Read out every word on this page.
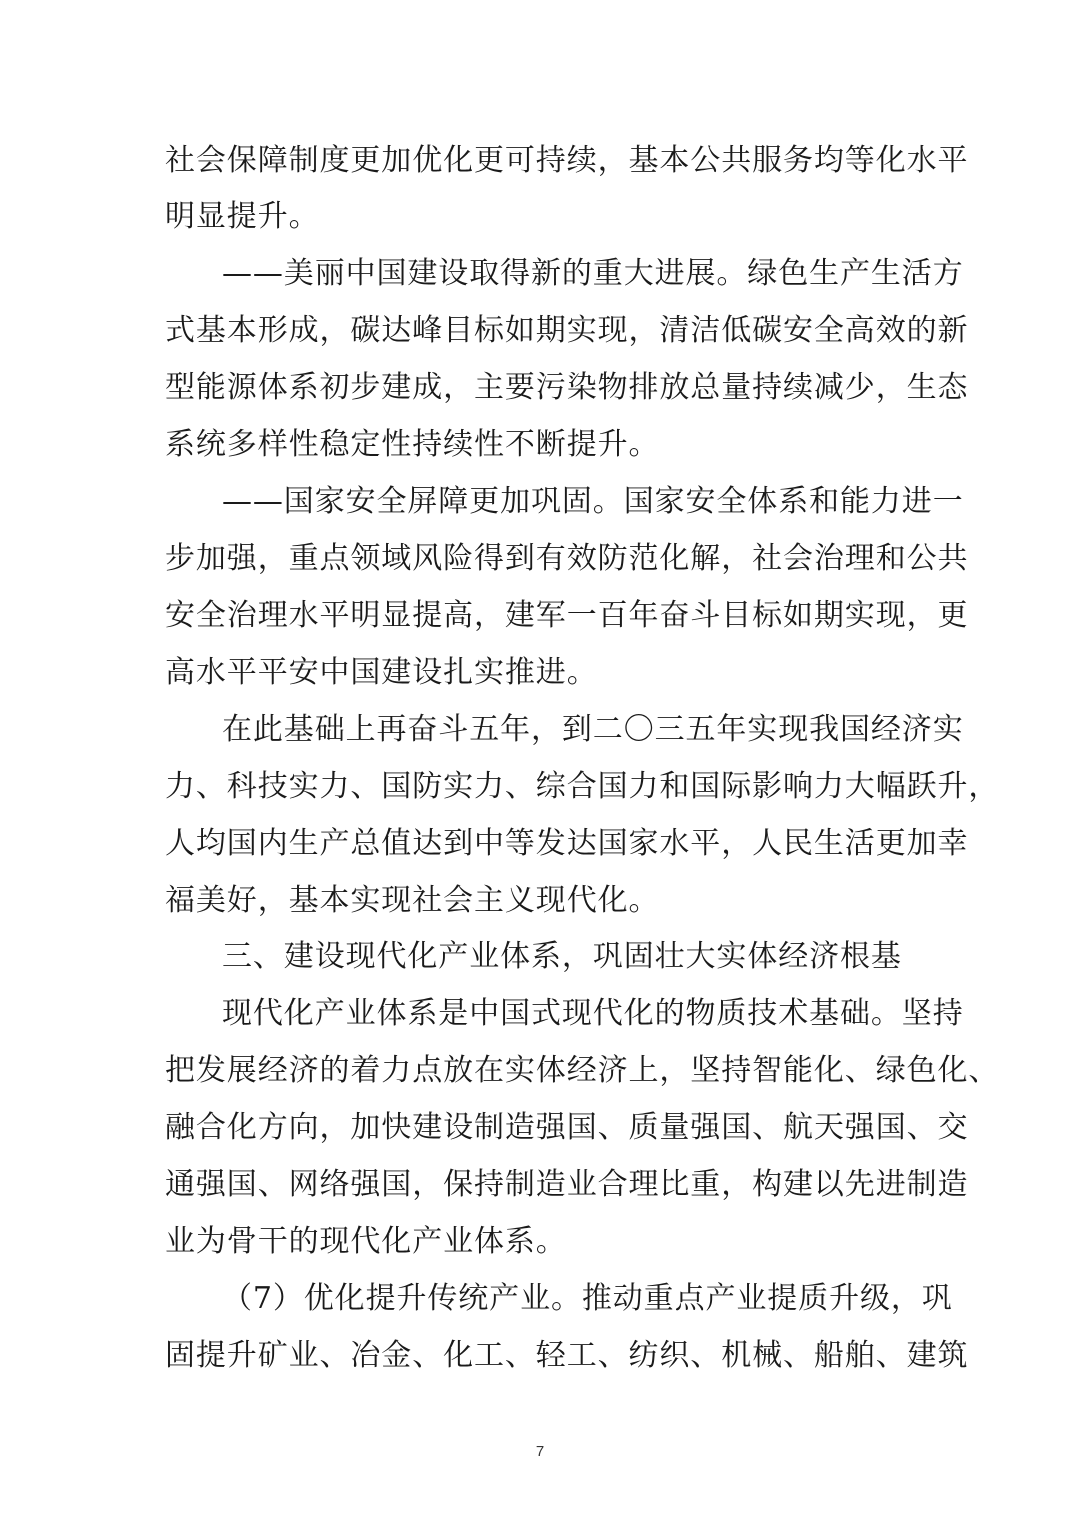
社会保障制度更加优化更可持续，基本公共服务均等化水平
明显提升。
——美丽中国建设取得新的重大进展。绿色生产生活方
式基本形成，碳达峰目标如期实现，清洁低碳安全高效的新
型能源体系初步建成，主要污染物排放总量持续减少，生态
系统多样性稳定性持续性不断提升。
——国家安全屏障更加巩固。国家安全体系和能力进一
步加强，重点领域风险得到有效防范化解，社会治理和公共
安全治理水平明显提高，建军一百年奋斗目标如期实现，更
高水平平安中国建设扎实推进。
在此基础上再奋斗五年，到二〇三五年实现我国经济实
力、科技实力、国防实力、综合国力和国际影响力大幅跃升，
人均国内生产总值达到中等发达国家水平，人民生活更加幸
福美好，基本实现社会主义现代化。
三、建设现代化产业体系，巩固壮大实体经济根基
现代化产业体系是中国式现代化的物质技术基础。坚持
把发展经济的着力点放在实体经济上，坚持智能化、绿色化、
融合化方向，加快建设制造强国、质量强国、航天强国、交
通强国、网络强国，保持制造业合理比重，构建以先进制造
业为骨干的现代化产业体系。
（7）优化提升传统产业。推动重点产业提质升级，巩
固提升矿业、冶金、化工、轻工、纺织、机械、船舶、建筑
7
